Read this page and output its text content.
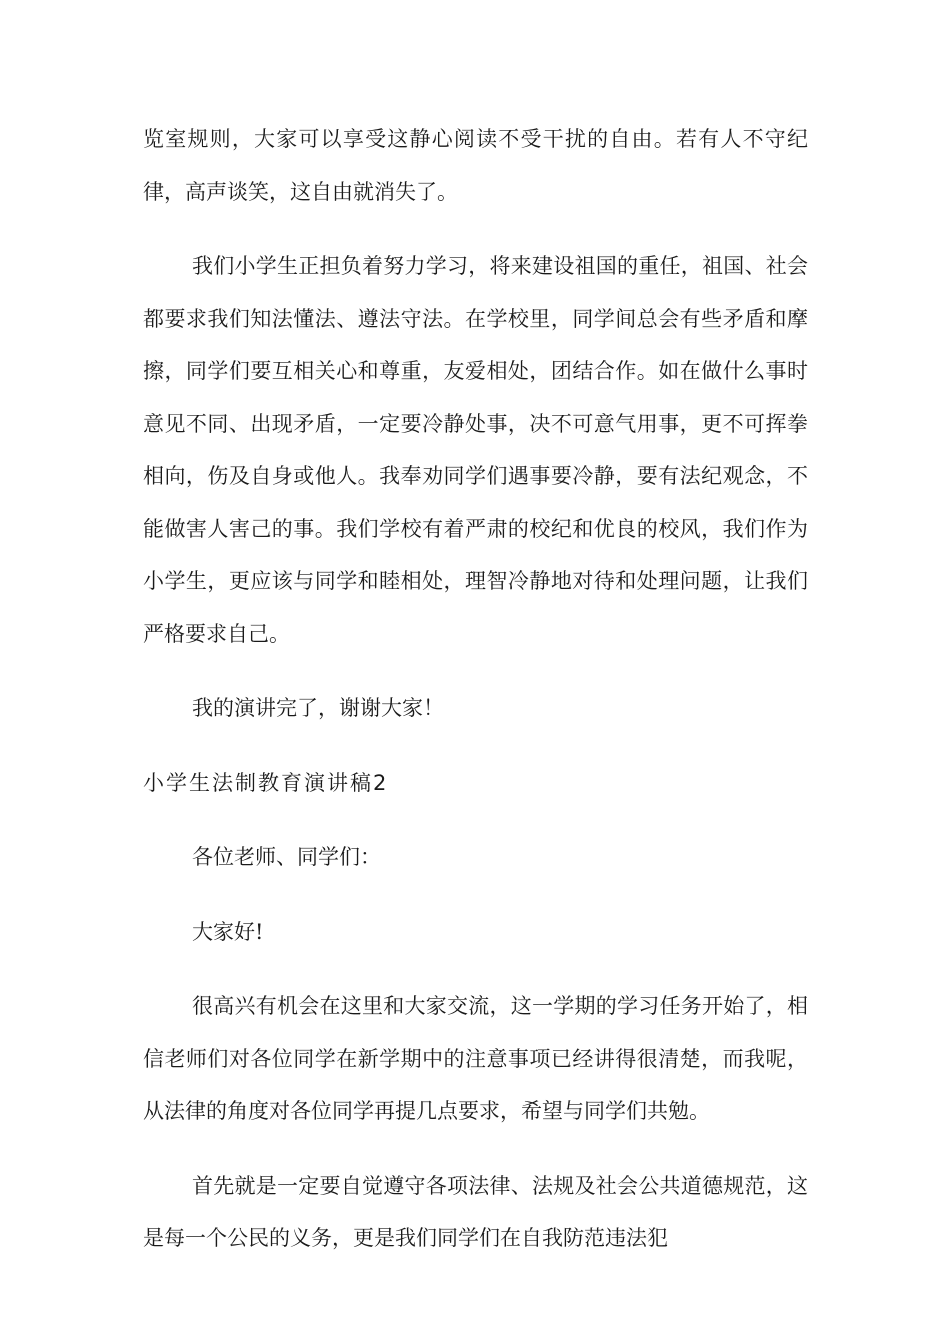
览室规则，大家可以享受这静心阅读不受干扰的自由。若有人不守纪律，高声谈笑，这自由就消失了。

我们小学生正担负着努力学习，将来建设祖国的重任，祖国、社会都要求我们知法懂法、遵法守法。在学校里，同学间总会有些矛盾和摩擦，同学们要互相关心和尊重，友爱相处，团结合作。如在做什么事时意见不同、出现矛盾，一定要冷静处事，决不可意气用事，更不可挥拳相向，伤及自身或他人。我奉劝同学们遇事要冷静，要有法纪观念，不能做害人害己的事。我们学校有着严肃的校纪和优良的校风，我们作为小学生，更应该与同学和睦相处，理智冷静地对待和处理问题，让我们严格要求自己。

我的演讲完了，谢谢大家！

小学生法制教育演讲稿2

各位老师、同学们：

大家好!

很高兴有机会在这里和大家交流，这一学期的学习任务开始了，相信老师们对各位同学在新学期中的注意事项已经讲得很清楚，而我呢，从法律的角度对各位同学再提几点要求，希望与同学们共勉。

首先就是一定要自觉遵守各项法律、法规及社会公共道德规范，这是每一个公民的义务，更是我们同学们在自我防范违法犯
